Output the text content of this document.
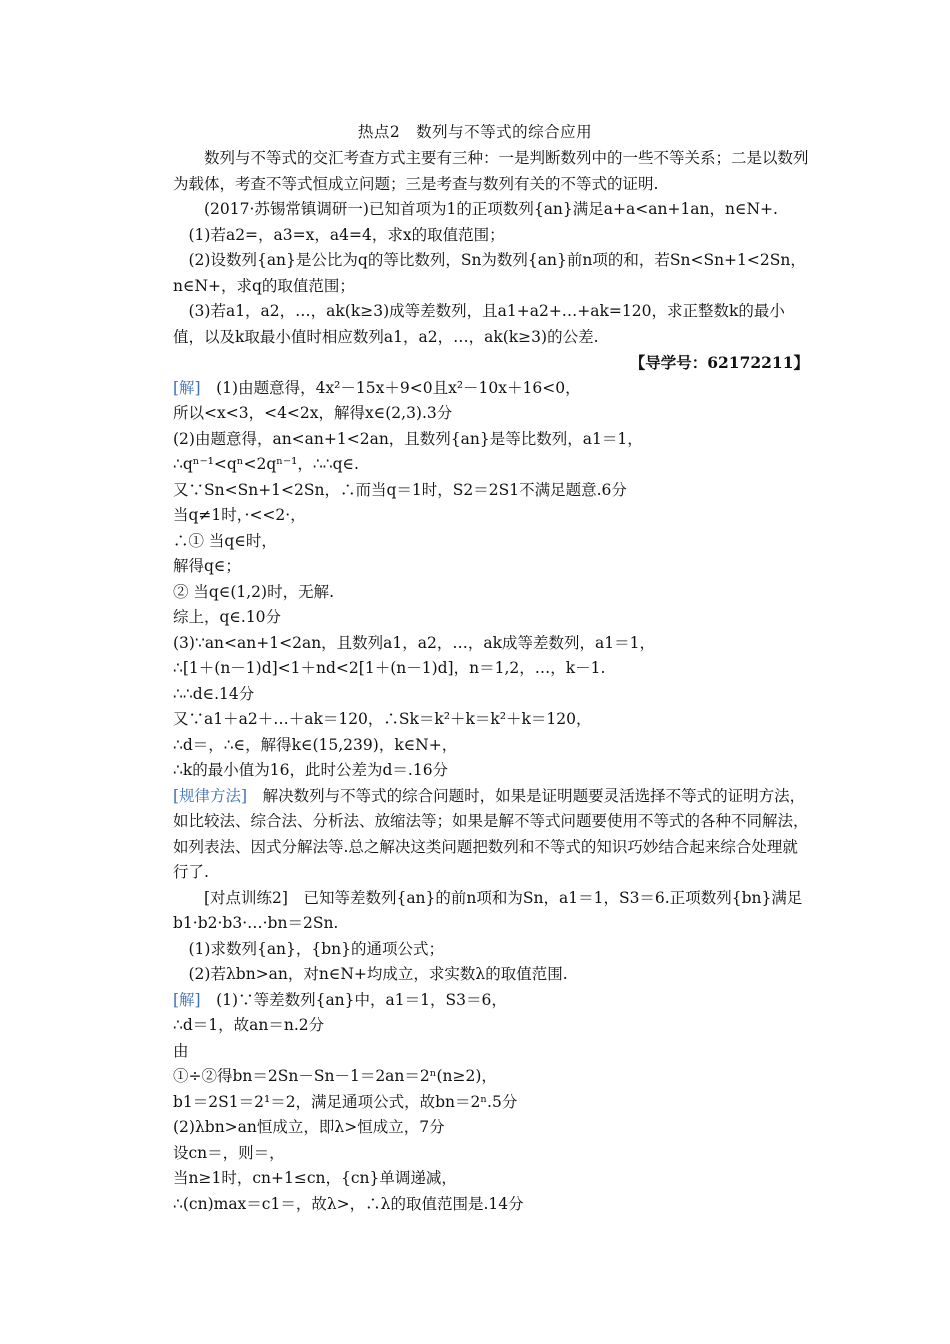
热点2　数列与不等式的综合应用

数列与不等式的交汇考查方式主要有三种：一是判断数列中的一些不等关系；二是以数列为载体，考查不等式恒成立问题；三是考查与数列有关的不等式的证明.

(2017·苏锡常镇调研一)已知首项为1的正项数列{an}满足a+a<an+1an，n∈N+.

(1)若a2=，a3=x，a4=4，求x的取值范围；

(2)设数列{an}是公比为q的等比数列，Sn为数列{an}前n项的和，若Sn<Sn+1<2Sn，n∈N+，求q的取值范围；

(3)若a1，a2，…，ak(k≥3)成等差数列，且a1+a2+…+ak=120，求正整数k的最小值，以及k取最小值时相应数列a1，a2，…，ak(k≥3)的公差.

【导学号：62172211】

[解]　 (1)由题意得，4x²－15x＋9<0且x²－10x＋16<0，

所以<x<3，<4<2x，解得x∈(2,3).3分

(2)由题意得，an<an+1<2an，且数列{an}是等比数列，a1＝1，

∴qⁿ⁻¹<qⁿ<2qⁿ⁻¹，∴∴q∈.

又∵Sn<Sn+1<2Sn，∴而当q＝1时，S2＝2S1不满足题意.6分

当q≠1时，·<<2·，

∴① 当q∈时，

解得q∈；

② 当q∈(1,2)时，无解.

综上，q∈.10分

(3)∵an<an+1<2an，且数列a1，a2，…，ak成等差数列，a1＝1，

∴[1＋(n－1)d]<1＋nd<2[1＋(n－1)d]，n＝1,2，…，k－1.

∴∴d∈.14分

又∵a1＋a2＋…＋ak＝120，∴Sk＝k²＋k＝k²＋k＝120，

∴d＝，∴∈，解得k∈(15,239)，k∈N+，

∴k的最小值为16，此时公差为d＝.16分

[规律方法]　 解决数列与不等式的综合问题时，如果是证明题要灵活选择不等式的证明方法，如比较法、综合法、分析法、放缩法等；如果是解不等式问题要使用不等式的各种不同解法，如列表法、因式分解法等.总之解决这类问题把数列和不等式的知识巧妙结合起来综合处理就行了.

[对点训练2]　已知等差数列{an}的前n项和为Sn，a1＝1，S3＝6.正项数列{bn}满足b1·b2·b3·…·bn＝2Sn.

(1)求数列{an}，{bn}的通项公式；

(2)若λbn>an，对n∈N+均成立，求实数λ的取值范围.

[解]　 (1)∵等差数列{an}中，a1＝1，S3＝6，

∴d＝1，故an＝n.2分

由

①÷②得bn＝2Sn－Sn－1＝2an＝2ⁿ(n≥2)，

b1＝2S1＝2¹＝2，满足通项公式，故bn＝2ⁿ.5分

(2)λbn>an恒成立，即λ>恒成立，7分

设cn＝，则＝，

当n≥1时，cn+1≤cn，{cn}单调递减，

∴(cn)max＝c1＝，故λ>，∴λ的取值范围是.14分
